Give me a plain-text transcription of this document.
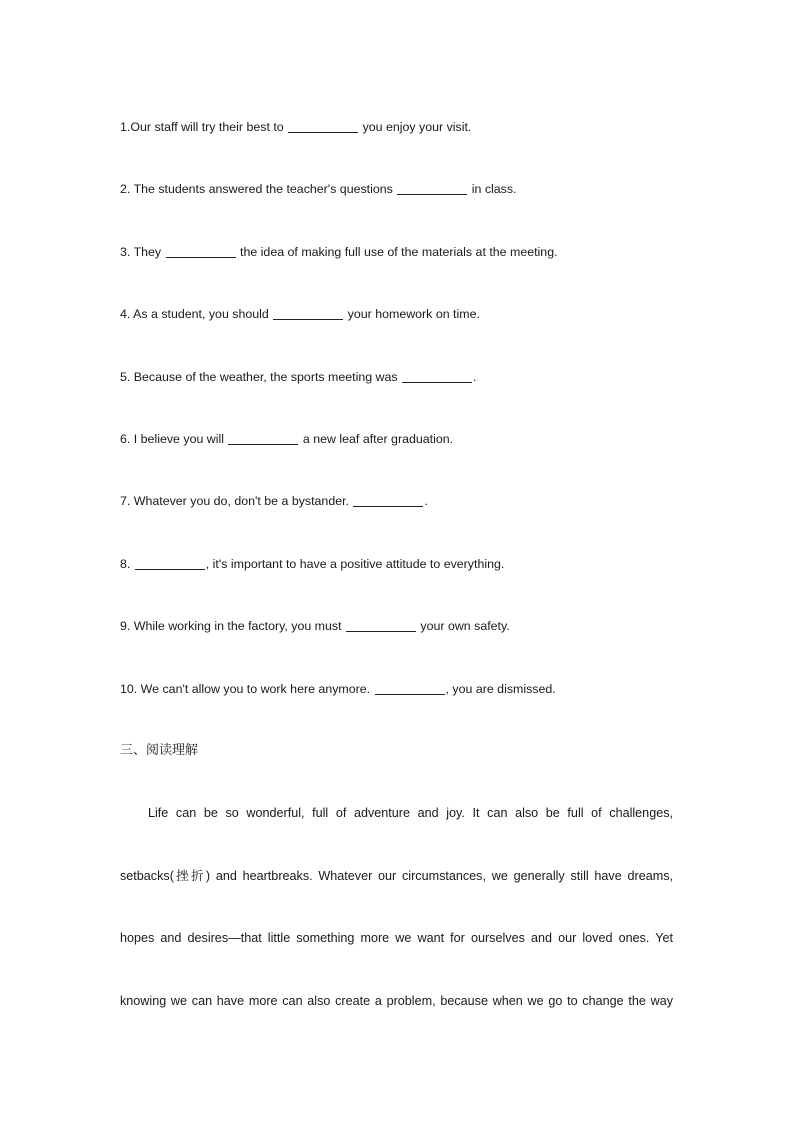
1.Our staff will try their best to	you enjoy your visit.
2. The students answered the teacher's questions	in class.
3. They	the idea of making full use of the materials at the meeting.
4. As a student, you should	your homework on time.
5. Because of the weather, the sports meeting was	.
6. I believe you will	a new leaf after graduation.
7. Whatever you do, don't be a bystander.	.
8.	, it's important to have a positive attitude to everything.
9. While working in the factory, you must	your own safety.
10. We can't allow you to work here anymore.	, you are dismissed.
三、阅读理解
Life can be so wonderful, full of adventure and joy. It can also be full of challenges,
setbacks(挫折) and heartbreaks. Whatever our circumstances, we generally still have dreams,
hopes and desires—that little something more we want for ourselves and our loved ones. Yet
knowing we can have more can also create a problem, because when we go to change the way
